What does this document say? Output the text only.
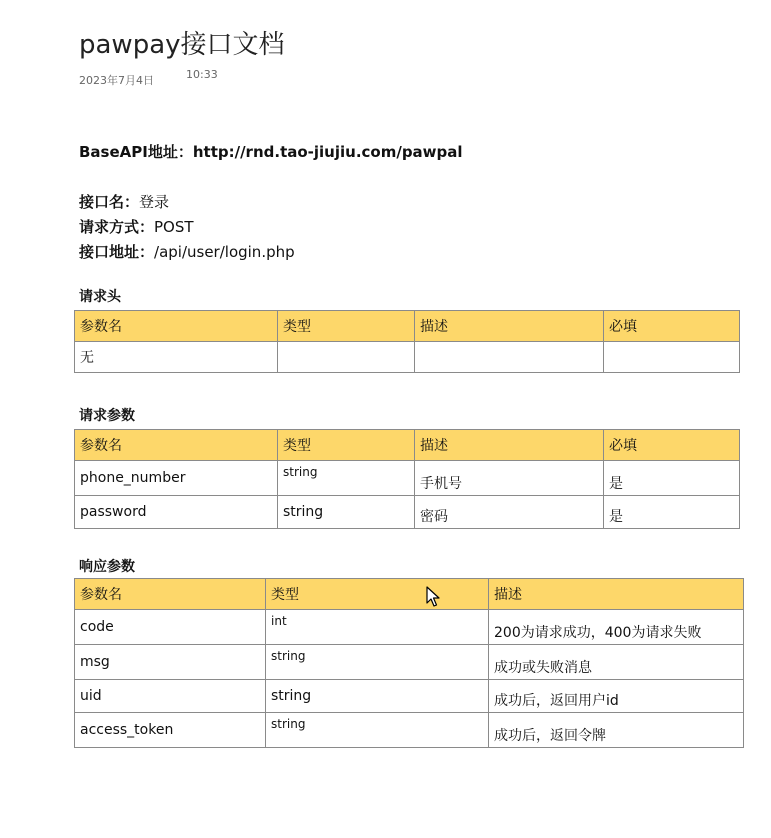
pawpay接口文档
2023年7月4日	10:33
BaseAPI地址：http://rnd.tao-jiujiu.com/pawpal
接口名：登录
请求方式：POST
接口地址：/api/user/login.php
请求头
参数名	类型	描述	必填
无			
请求参数
参数名	类型	描述	必填
phone_number	string	手机号	是
password	string	密码	是
响应参数
参数名	类型	描述
code	int	200为请求成功，400为请求失败
msg	string	成功或失败消息
uid	string	成功后，返回用户id
access_token	string	成功后，返回令牌
